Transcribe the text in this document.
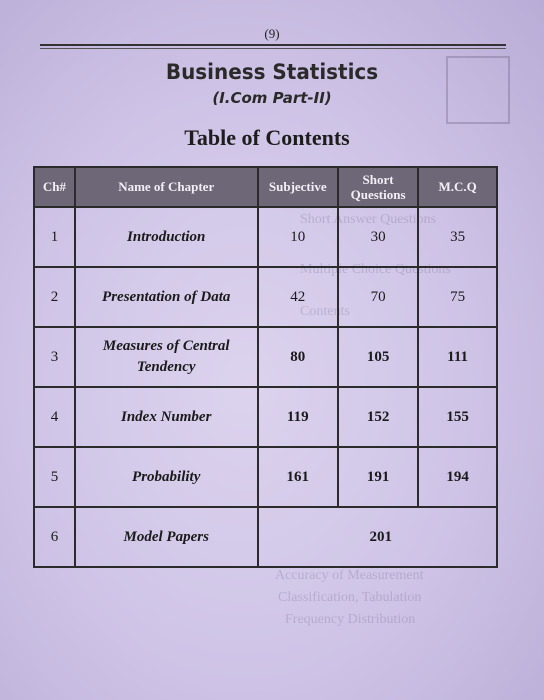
Short Answer Questions
Multiple Choice Questions
Contents
Accuracy of Measurement
Classification, Tabulation
Frequency Distribution
(9)
Business Statistics
(I.Com Part-II)
Table of Contents
Ch#	Name of Chapter	Subjective	Short Questions	M.C.Q
1	Introduction	10	30	35
2	Presentation of Data	42	70	75
3	Measures of Central Tendency	80	105	111
4	Index Number	119	152	155
5	Probability	161	191	194
6	Model Papers	201		
